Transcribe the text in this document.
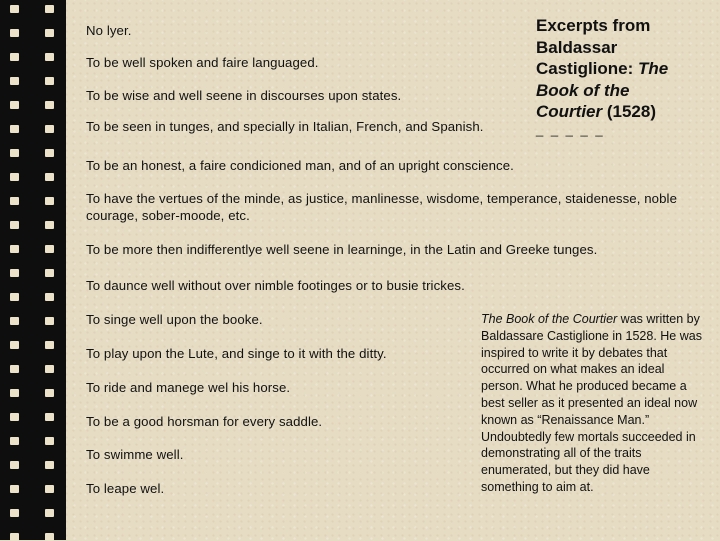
No lyer.
To be well spoken and faire languaged.
To be wise and well seene in discourses upon states.
To be seen in tunges, and specially in Italian, French, and Spanish.
Excerpts from
Baldassar
Castiglione: The
Book of the
Courtier (1528)
_ _ _ _ _
To be an honest, a faire condicioned man, and of an upright conscience.
To have the vertues of the minde, as justice, manlinesse, wisdome, temperance, staidenesse, noble courage, sober-moode, etc.
To be more then indifferentlye well seene in learninge, in the Latin and Greeke tunges.
To daunce well without over nimble footinges or to busie trickes.
To singe well upon the booke.
To play upon the Lute, and singe to it with the ditty.
To ride and manege wel his horse.
To be a good horsman for every saddle.
To swimme well.
To leape wel.
The Book of the Courtier was written by Baldassare Castiglione in 1528. He was inspired to write it by debates that occurred on what makes an ideal person. What he produced became a best seller as it presented an ideal now known as “Renaissance Man.” Undoubtedly few mortals succeeded in demonstrating all of the traits enumerated, but they did have something to aim at.
